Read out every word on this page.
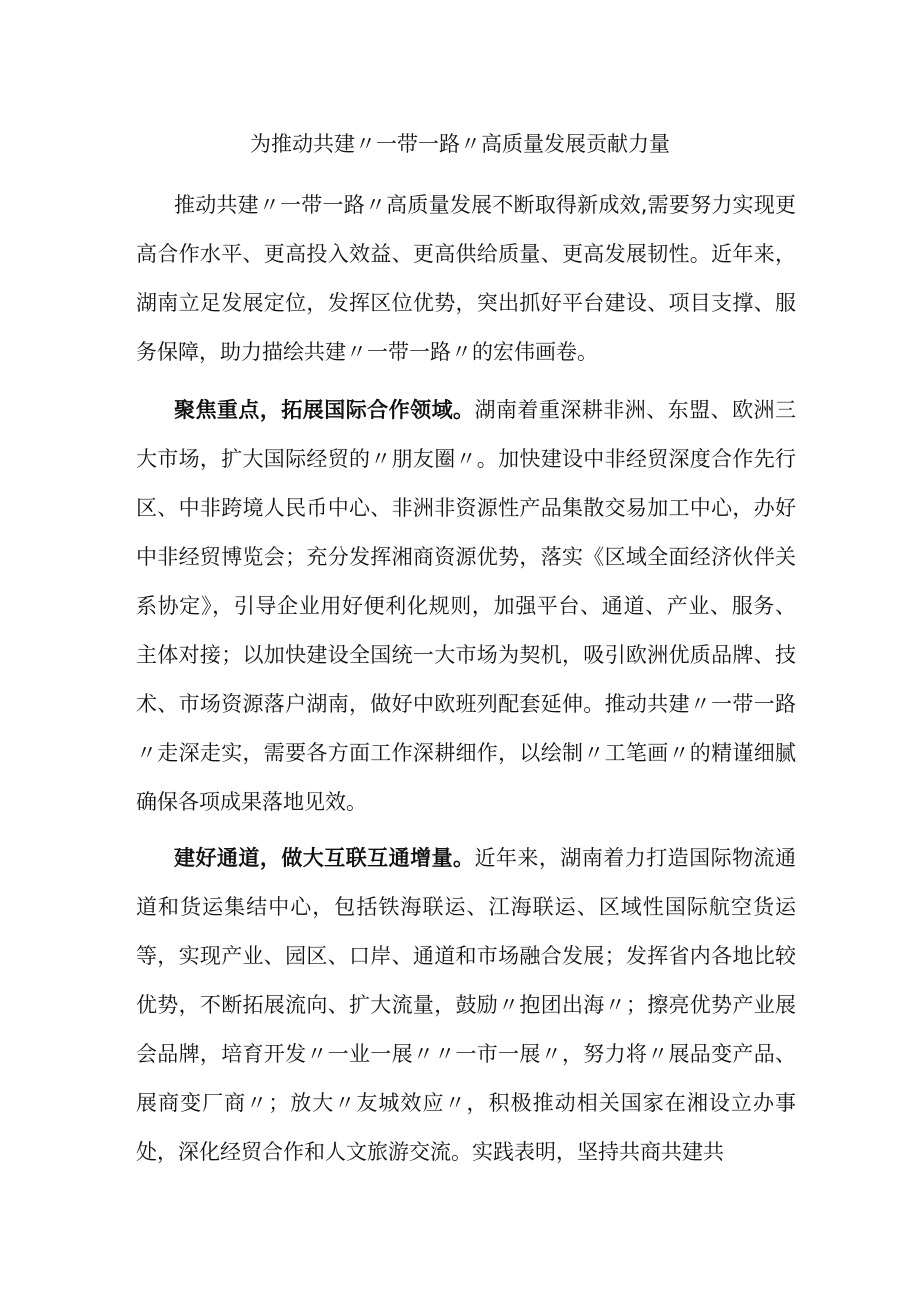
为推动共建〃一带一路〃高质量发展贡献力量

推动共建〃一带一路〃高质量发展不断取得新成效,需要努力实现更高合作水平、更高投入效益、更高供给质量、更高发展韧性。近年来，湖南立足发展定位，发挥区位优势，突出抓好平台建设、项目支撑、服务保障，助力描绘共建〃一带一路〃的宏伟画卷。

聚焦重点，拓展国际合作领域。湖南着重深耕非洲、东盟、欧洲三大市场，扩大国际经贸的〃朋友圈〃。加快建设中非经贸深度合作先行区、中非跨境人民币中心、非洲非资源性产品集散交易加工中心，办好中非经贸博览会；充分发挥湘商资源优势，落实《区域全面经济伙伴关系协定》，引导企业用好便利化规则，加强平台、通道、产业、服务、主体对接；以加快建设全国统一大市场为契机，吸引欧洲优质品牌、技术、市场资源落户湖南，做好中欧班列配套延伸。推动共建〃一带一路〃走深走实，需要各方面工作深耕细作，以绘制〃工笔画〃的精谨细腻确保各项成果落地见效。

建好通道，做大互联互通增量。近年来，湖南着力打造国际物流通道和货运集结中心，包括铁海联运、江海联运、区域性国际航空货运等，实现产业、园区、口岸、通道和市场融合发展；发挥省内各地比较优势，不断拓展流向、扩大流量，鼓励〃抱团出海〃；擦亮优势产业展会品牌，培育开发〃一业一展〃〃一市一展〃，努力将〃展品变产品、展商变厂商〃；放大〃友城效应〃，积极推动相关国家在湘设立办事处，深化经贸合作和人文旅游交流。实践表明，坚持共商共建共
